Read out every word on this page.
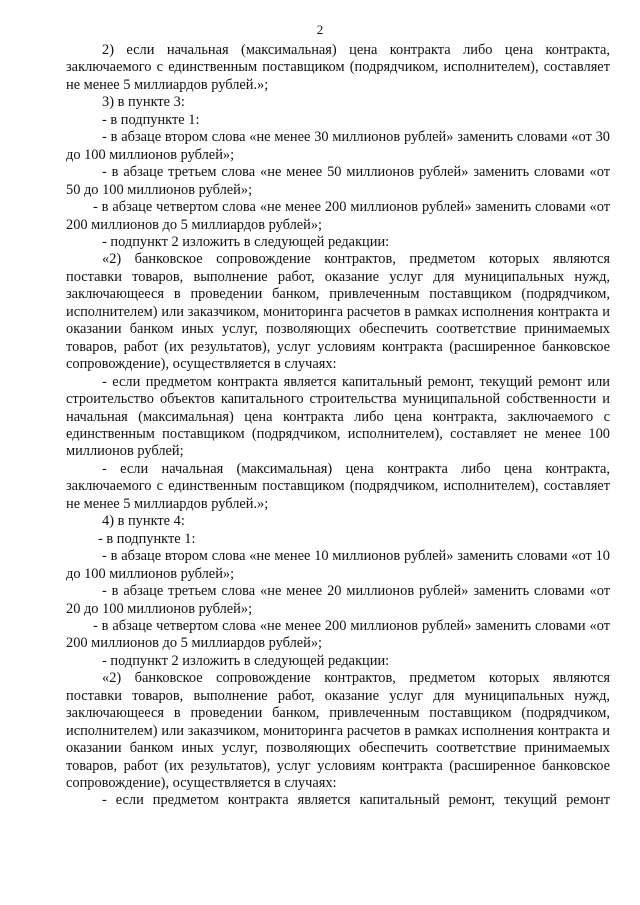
2

2) если начальная (максимальная) цена контракта либо цена контракта, заключаемого с единственным поставщиком (подрядчиком, исполнителем), составляет не менее 5 миллиардов рублей.»;

3) в пункте 3:

- в подпункте 1:

- в абзаце втором слова «не менее 30 миллионов рублей» заменить словами «от 30 до 100 миллионов рублей»;

- в абзаце третьем слова «не менее 50 миллионов рублей» заменить словами «от 50 до 100 миллионов рублей»;

- в абзаце четвертом слова «не менее 200 миллионов рублей» заменить словами «от 200 миллионов до 5 миллиардов рублей»;

- подпункт 2 изложить в следующей редакции:

«2) банковское сопровождение контрактов, предметом которых являются поставки товаров, выполнение работ, оказание услуг для муниципальных нужд, заключающееся в проведении банком, привлеченным поставщиком (подрядчиком, исполнителем) или заказчиком, мониторинга расчетов в рамках исполнения контракта и оказании банком иных услуг, позволяющих обеспечить соответствие принимаемых товаров, работ (их результатов), услуг условиям контракта (расширенное банковское сопровождение), осуществляется в случаях:

- если предметом контракта является капитальный ремонт, текущий ремонт или строительство объектов капитального строительства муниципальной собственности и начальная (максимальная) цена контракта либо цена контракта, заключаемого с единственным поставщиком (подрядчиком, исполнителем), составляет не менее 100 миллионов рублей;

- если начальная (максимальная) цена контракта либо цена контракта, заключаемого с единственным поставщиком (подрядчиком, исполнителем), составляет не менее 5 миллиардов рублей.»;

4) в пункте 4:

- в подпункте 1:

- в абзаце втором слова «не менее 10 миллионов рублей» заменить словами «от 10 до 100 миллионов рублей»;

- в абзаце третьем слова «не менее 20 миллионов рублей» заменить словами «от 20 до 100 миллионов рублей»;

- в абзаце четвертом слова «не менее 200 миллионов рублей» заменить словами «от 200 миллионов до 5 миллиардов рублей»;

- подпункт 2 изложить в следующей редакции:

«2) банковское сопровождение контрактов, предметом которых являются поставки товаров, выполнение работ, оказание услуг для муниципальных нужд, заключающееся в проведении банком, привлеченным поставщиком (подрядчиком, исполнителем) или заказчиком, мониторинга расчетов в рамках исполнения контракта и оказании банком иных услуг, позволяющих обеспечить соответствие принимаемых товаров, работ (их результатов), услуг условиям контракта (расширенное банковское сопровождение), осуществляется в случаях:

- если предметом контракта является капитальный ремонт, текущий ремонт
